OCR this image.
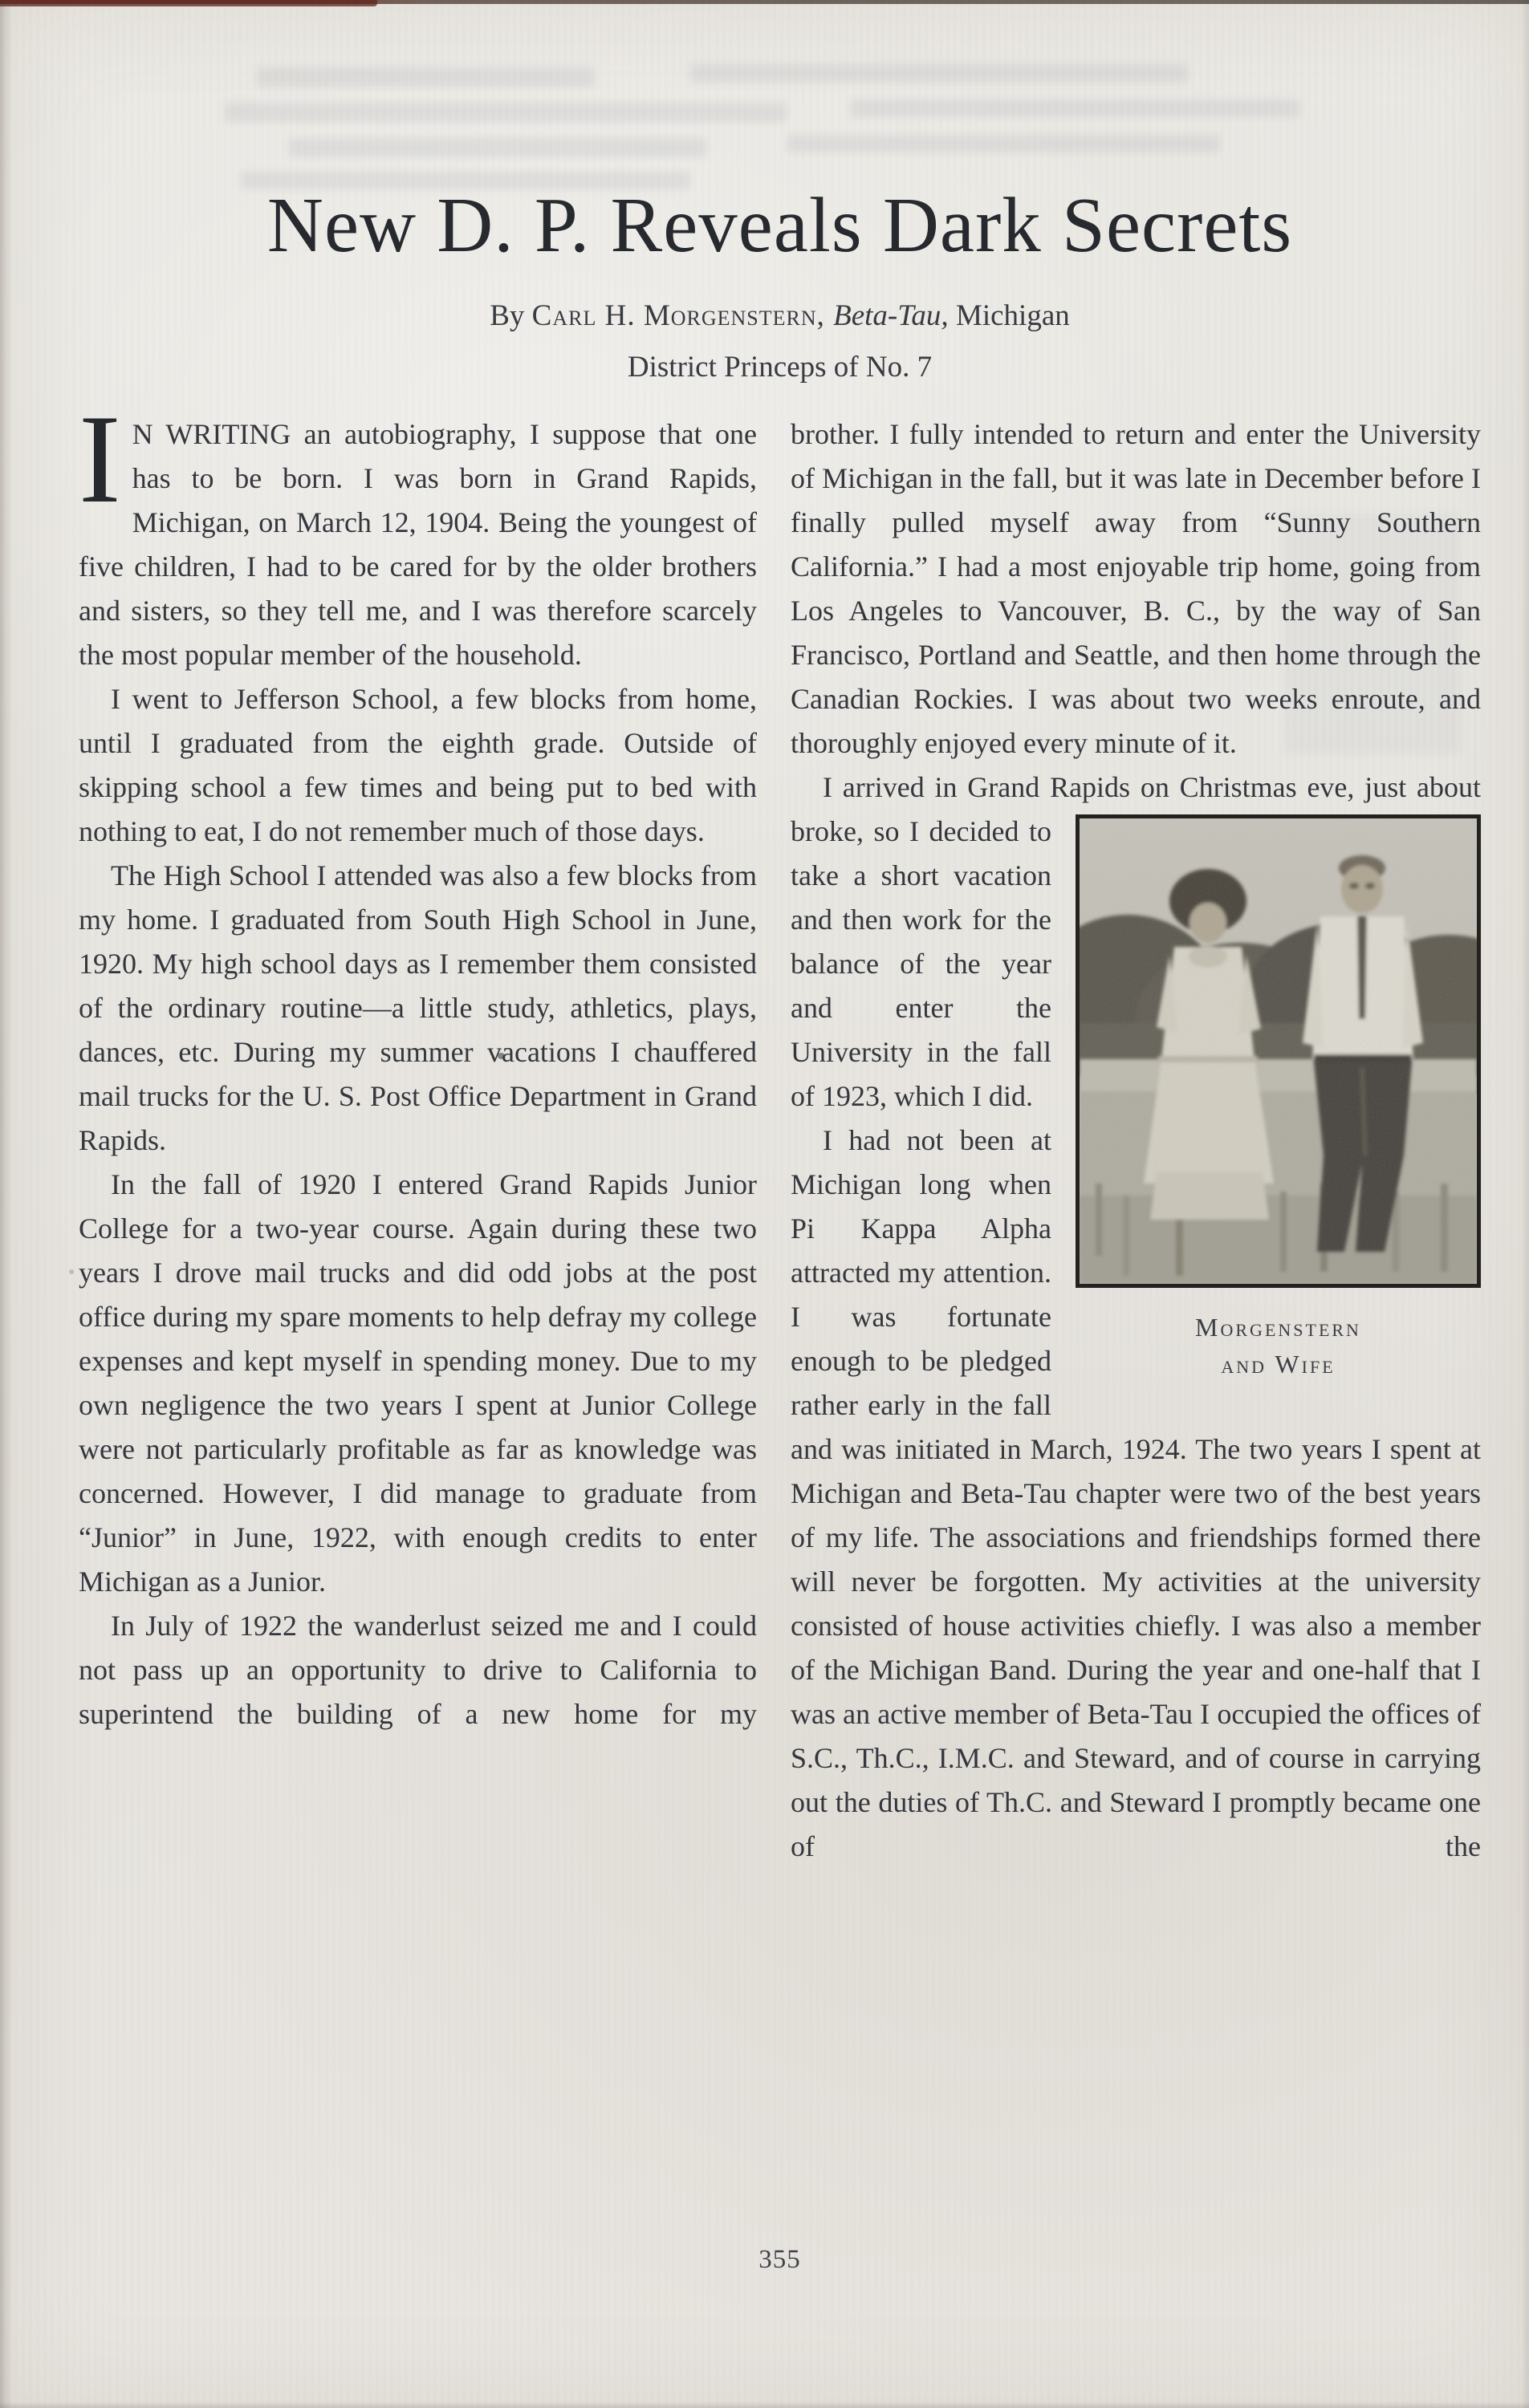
New D. P. Reveals Dark Secrets
By Carl H. Morgenstern, Beta-Tau, Michigan
District Princeps of No. 7

I N WRITING an autobiography, I suppose that one has to be born. I was born in Grand Rapids, Michigan, on March 12, 1904. Being the youngest of five children, I had to be cared for by the older brothers and sisters, so they tell me, and I was therefore scarcely the most popular member of the household.

I went to Jefferson School, a few blocks from home, until I graduated from the eighth grade. Outside of skipping school a few times and being put to bed with nothing to eat, I do not remember much of those days.

The High School I attended was also a few blocks from my home. I graduated from South High School in June, 1920. My high school days as I remember them consisted of the ordinary routine—a little study, athletics, plays, dances, etc. During my summer vacations I chauffered mail trucks for the U. S. Post Office Department in Grand Rapids.

In the fall of 1920 I entered Grand Rapids Junior College for a two-year course. Again during these two years I drove mail trucks and did odd jobs at the post office during my spare moments to help defray my college expenses and kept myself in spending money. Due to my own negligence the two years I spent at Junior College were not particularly profitable as far as knowledge was concerned. However, I did manage to graduate from “Junior” in June, 1922, with enough credits to enter Michigan as a Junior.

In July of 1922 the wanderlust seized me and I could not pass up an opportunity to drive to California to superintend the building of a new home for my

brother. I fully intended to return and enter the University of Michigan in the fall, but it was late in December before I finally pulled myself away from “Sunny Southern California.” I had a most enjoyable trip home, going from Los Angeles to Vancouver, B. C., by the way of San Francisco, Portland and Seattle, and then home through the Canadian Rockies. I was about two weeks enroute, and thoroughly enjoyed every minute of it.

I arrived in Grand Rapids on Christmas eve, just about broke, so I decided to
Morgenstern
and Wife
take a short vacation and then work for the balance of the year and enter the University in the fall of 1923, which I did.

I had not been at Michigan long when Pi Kappa Alpha attracted my attention. I was fortunate enough to be pledged rather early in the fall and was initiated in March, 1924. The two years I spent at Michigan and Beta-Tau chapter were two of the best years of my life. The associations and friendships formed there will never be forgotten. My activities at the university consisted of house activities chiefly. I was also a member of the Michigan Band. During the year and one-half that I was an active member of Beta-Tau I occupied the offices of S.C., Th.C., I.M.C. and Steward, and of course in carrying out the duties of Th.C. and Steward I promptly became one of the

355
